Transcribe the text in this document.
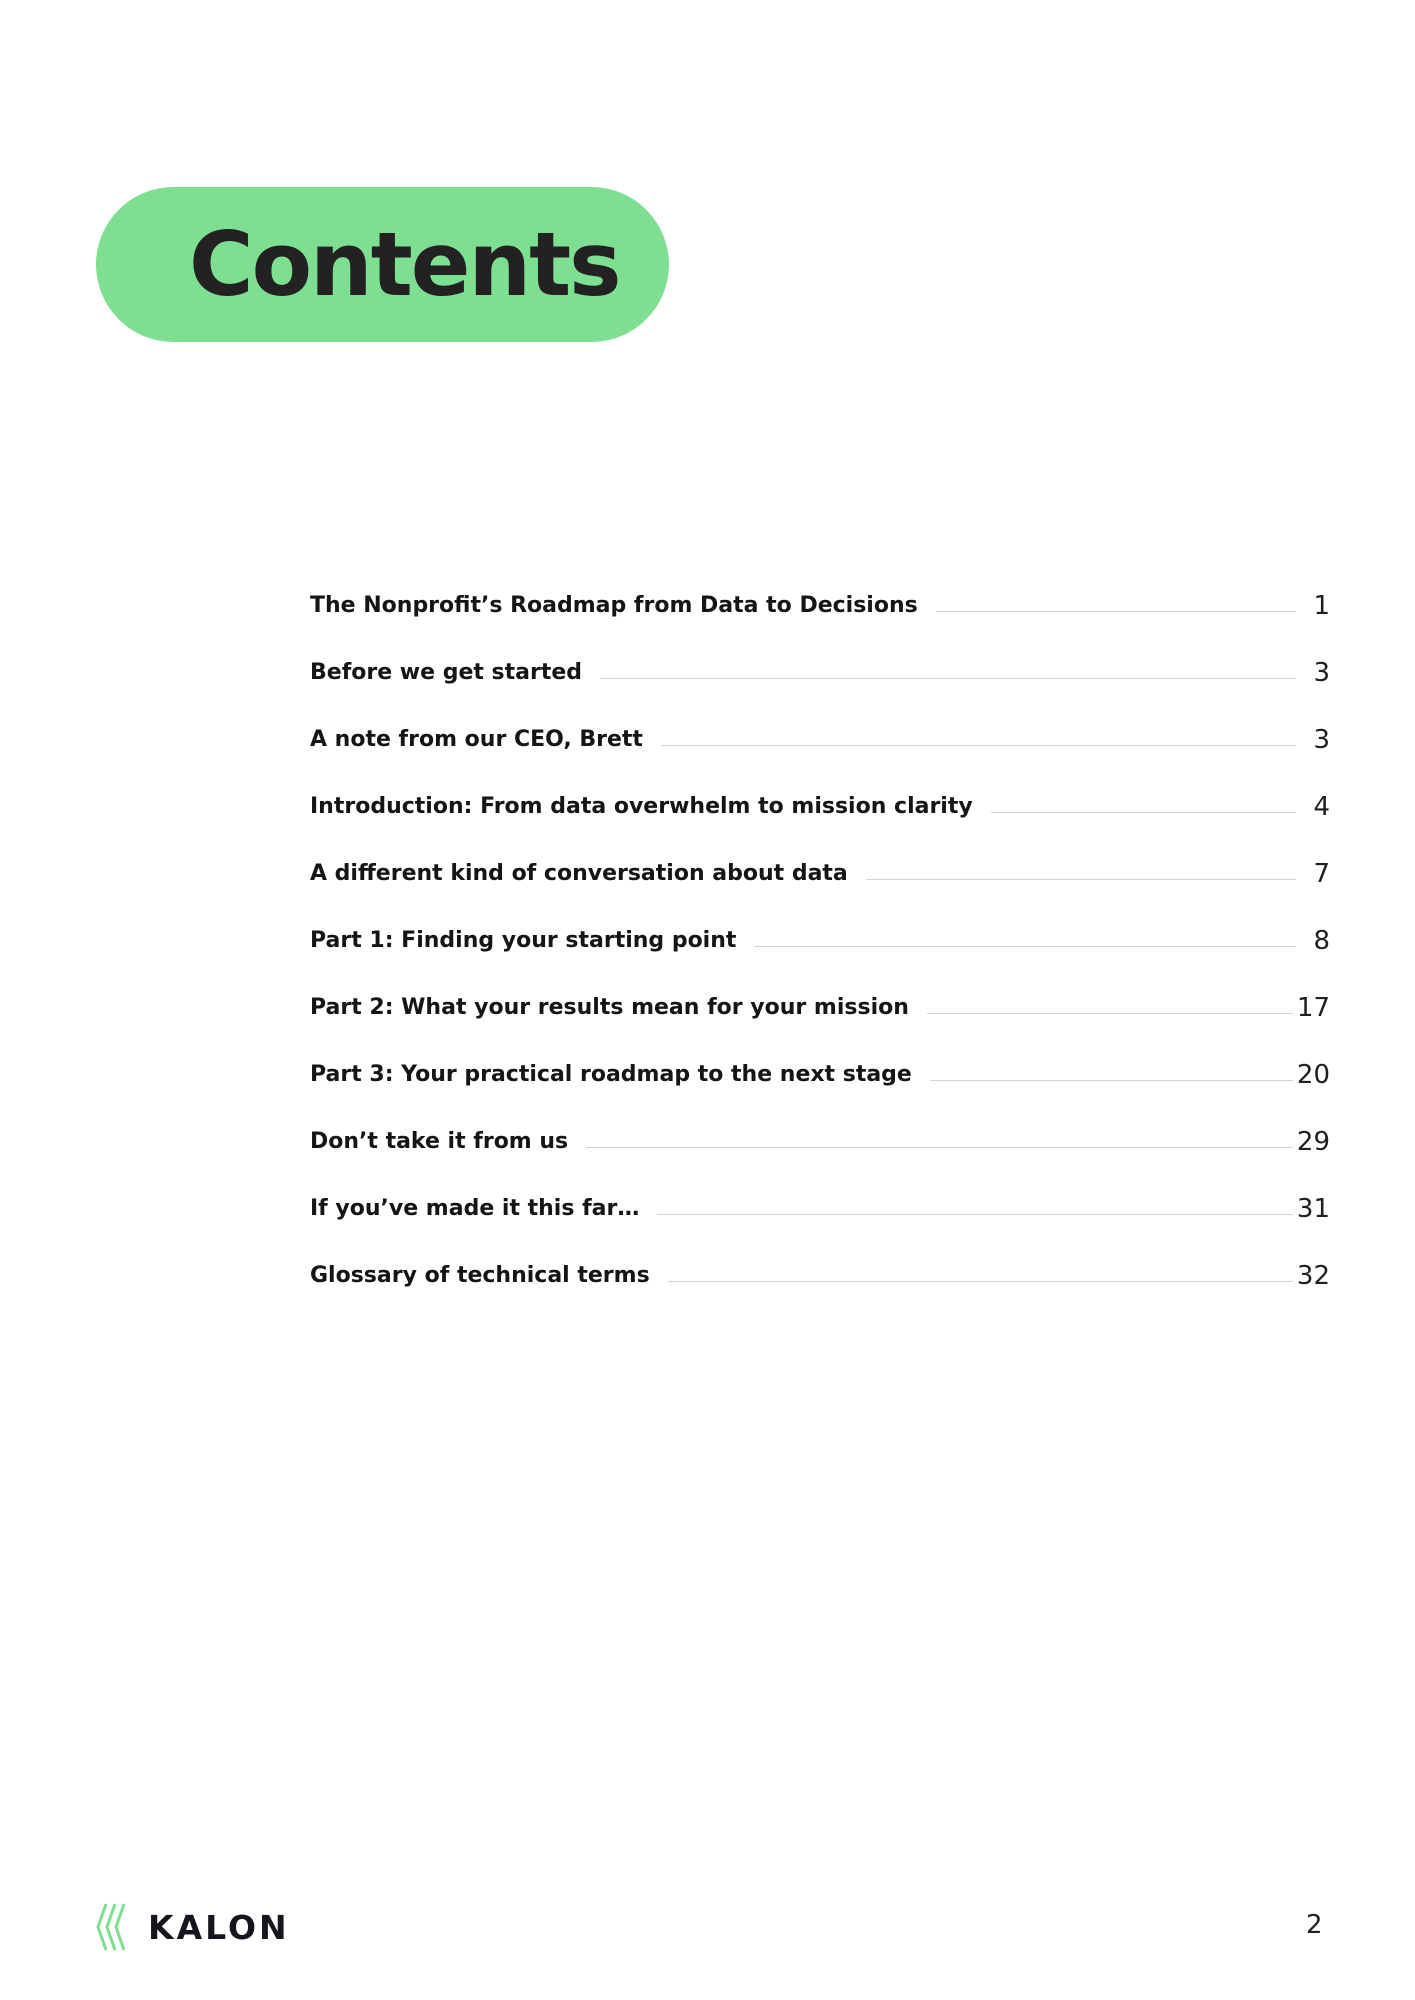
Contents
The Nonprofit’s Roadmap from Data to Decisions	1
Before we get started	3
A note from our CEO, Brett	3
Introduction: From data overwhelm to mission clarity	4
A different kind of conversation about data	7
Part 1: Finding your starting point	8
Part 2: What your results mean for your mission	17
Part 3: Your practical roadmap to the next stage	20
Don’t take it from us	29
If you’ve made it this far…	31
Glossary of technical terms	32
KALON	2
